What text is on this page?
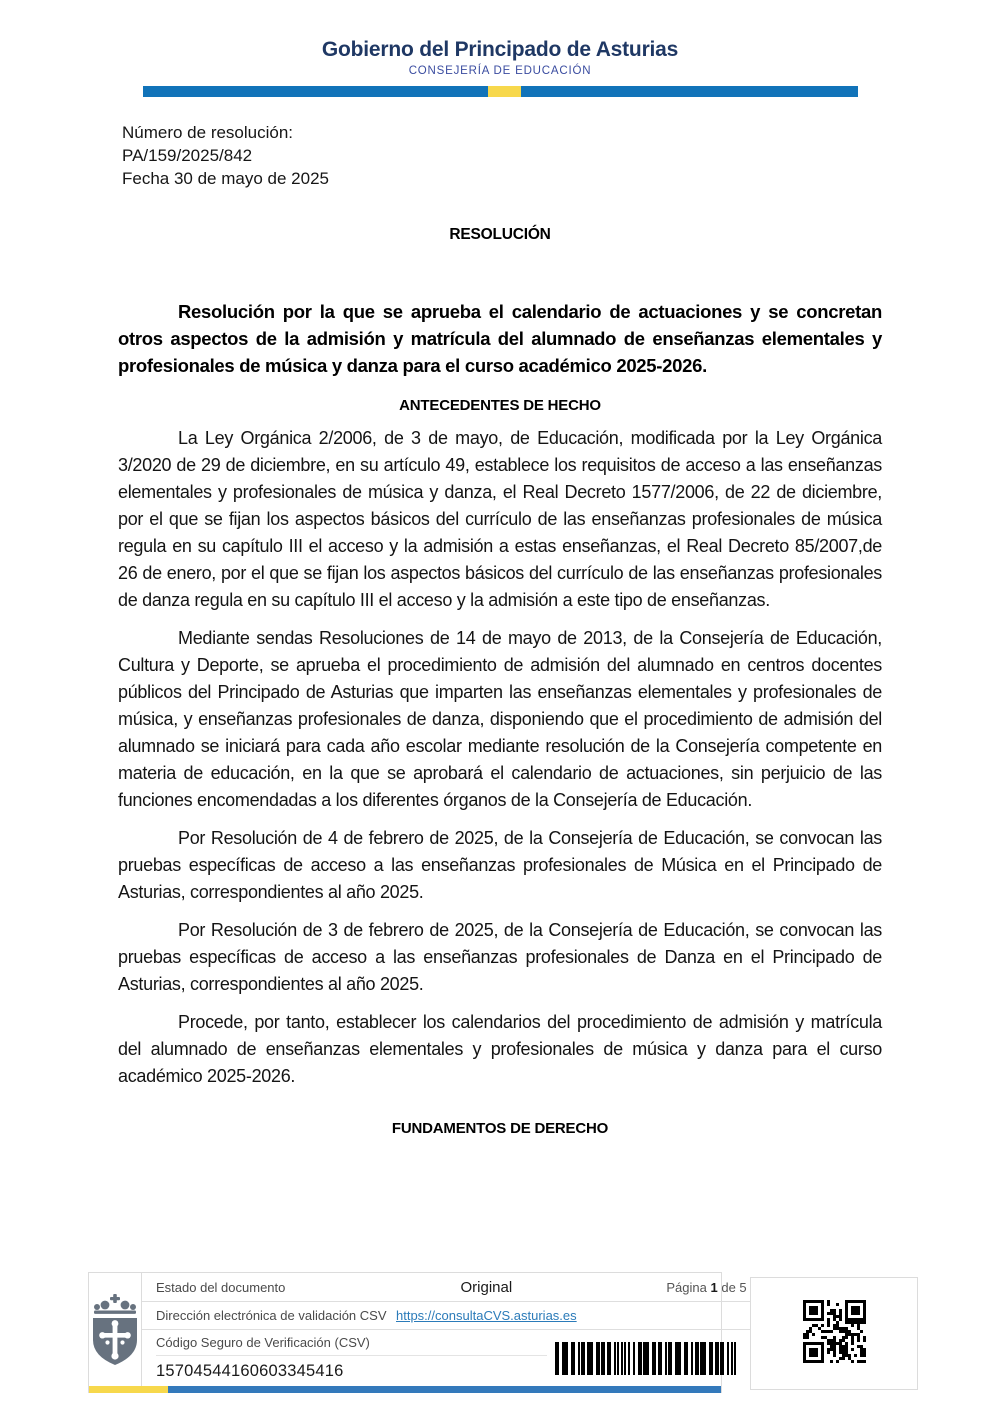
Gobierno del Principado de Asturias
CONSEJERÍA DE EDUCACIÓN
Número de resolución:
PA/159/2025/842
Fecha 30 de mayo de 2025
RESOLUCIÓN

Resolución por la que se aprueba el calendario de actuaciones y se concretan otros aspectos de la admisión y matrícula del alumnado de enseñanzas elementales y profesionales de música y danza para el curso académico 2025-2026.

ANTECEDENTES DE HECHO

La Ley Orgánica 2/2006, de 3 de mayo, de Educación, modificada por la Ley Orgánica 3/2020 de 29 de diciembre, en su artículo 49, establece los requisitos de acceso a las enseñanzas elementales y profesionales de música y danza, el Real Decreto 1577/2006, de 22 de diciembre, por el que se fijan los aspectos básicos del currículo de las enseñanzas profesionales de música regula en su capítulo III el acceso y la admisión a estas enseñanzas, el Real Decreto 85/2007,de 26 de enero, por el que se fijan los aspectos básicos del currículo de las enseñanzas profesionales de danza regula en su capítulo III el acceso y la admisión a este tipo de enseñanzas.

Mediante sendas Resoluciones de 14 de mayo de 2013, de la Consejería de Educación, Cultura y Deporte, se aprueba el procedimiento de admisión del alumnado en centros docentes públicos del Principado de Asturias que imparten las enseñanzas elementales y profesionales de música, y enseñanzas profesionales de danza, disponiendo que el procedimiento de admisión del alumnado se iniciará para cada año escolar mediante resolución de la Consejería competente en materia de educación, en la que se aprobará el calendario de actuaciones, sin perjuicio de las funciones encomendadas a los diferentes órganos de la Consejería de Educación.

Por Resolución de 4 de febrero de 2025, de la Consejería de Educación, se convocan las pruebas específicas de acceso a las enseñanzas profesionales de Música en el Principado de Asturias, correspondientes al año 2025.

Por Resolución de 3 de febrero de 2025, de la Consejería de Educación, se convocan las pruebas específicas de acceso a las enseñanzas profesionales de Danza en el Principado de Asturias, correspondientes al año 2025.

Procede, por tanto, establecer los calendarios del procedimiento de admisión y matrícula del alumnado de enseñanzas elementales y profesionales de música y danza para el curso académico 2025-2026.

FUNDAMENTOS DE DERECHO
Estado del documento	Original	Página 1 de 5
Dirección electrónica de validación CSV https://consultaCVS.asturias.es
Código Seguro de Verificación (CSV)
15704544160603345416
